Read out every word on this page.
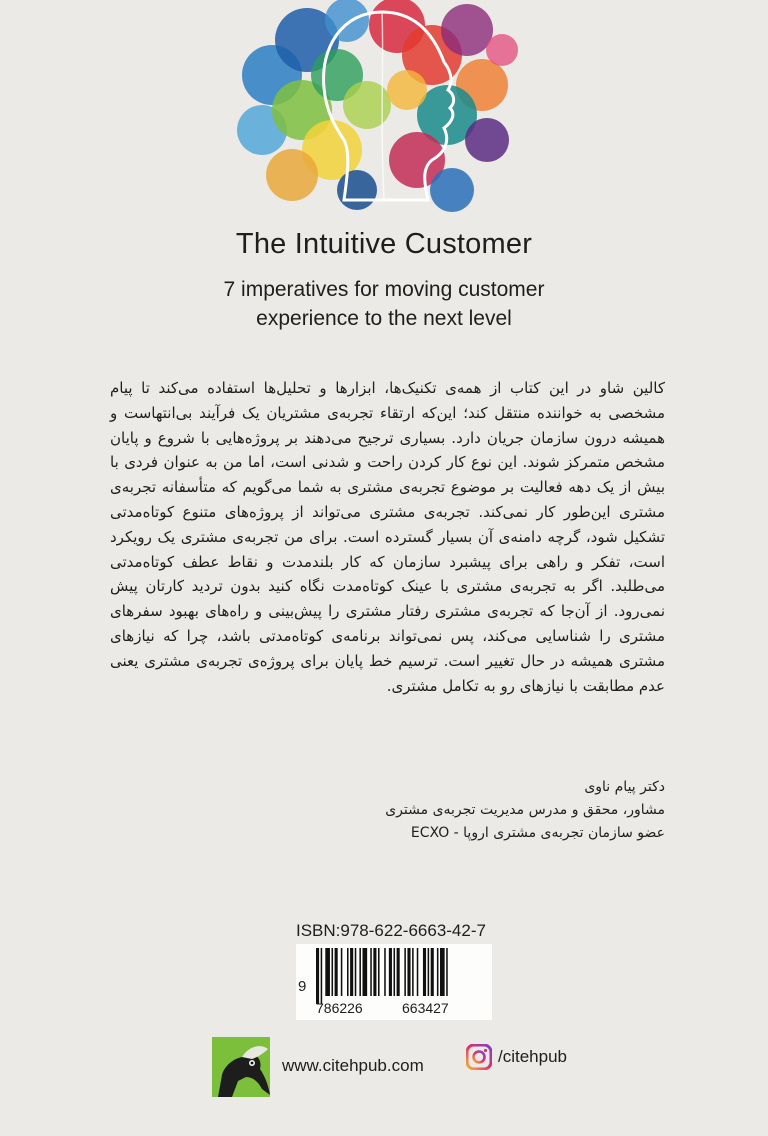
The Intuitive Customer
7 imperatives for moving customer
experience to the next level

کالین شاو در این کتاب از همه‌ی تکنیک‌ها، ابزارها و تحلیل‌ها استفاده می‌کند تا پیام مشخصی به خواننده منتقل کند؛ این‌که ارتقاء تجربه‌ی مشتریان یک فرآیند بی‌انتهاست و همیشه درون سازمان جریان دارد. بسیاری ترجیح می‌دهند بر پروژه‌هایی با شروع و پایان مشخص متمرکز شوند. این نوع کار کردن راحت و شدنی است، اما من به عنوان فردی با بیش از یک دهه فعالیت بر موضوع تجربه‌ی مشتری به شما می‌گویم که متأسفانه تجربه‌ی مشتری این‌طور کار نمی‌کند. تجربه‌ی مشتری می‌تواند از پروژه‌های متنوع کوتاه‌مدتی تشکیل شود، گرچه دامنه‌ی آن بسیار گسترده است. برای من تجربه‌ی مشتری یک رویکرد است، تفکر و راهی برای پیشبرد سازمان که کار بلندمدت و نقاط عطف کوتاه‌مدتی می‌طلبد. اگر به تجربه‌ی مشتری با عینک کوتاه‌مدت نگاه کنید بدون تردید کارتان پیش نمی‌رود. از آن‌جا که تجربه‌ی مشتری رفتار مشتری را پیش‌بینی و راه‌های بهبود سفرهای مشتری را شناسایی می‌کند، پس نمی‌تواند برنامه‌ی کوتاه‌مدتی باشد، چرا که نیازهای مشتری همیشه در حال تغییر است. ترسیم خط پایان برای پروژه‌ی تجربه‌ی مشتری یعنی عدم مطابقت با نیازهای رو به تکامل مشتری.

دکتر پیام ناوی
مشاور، محقق و مدرس مدیریت تجربه‌ی مشتری
عضو سازمان تجربه‌ی مشتری اروپا - ECXO
ISBN:978-622-6663-42-7
9
786226	663427
www.citehpub.com	/citehpub
